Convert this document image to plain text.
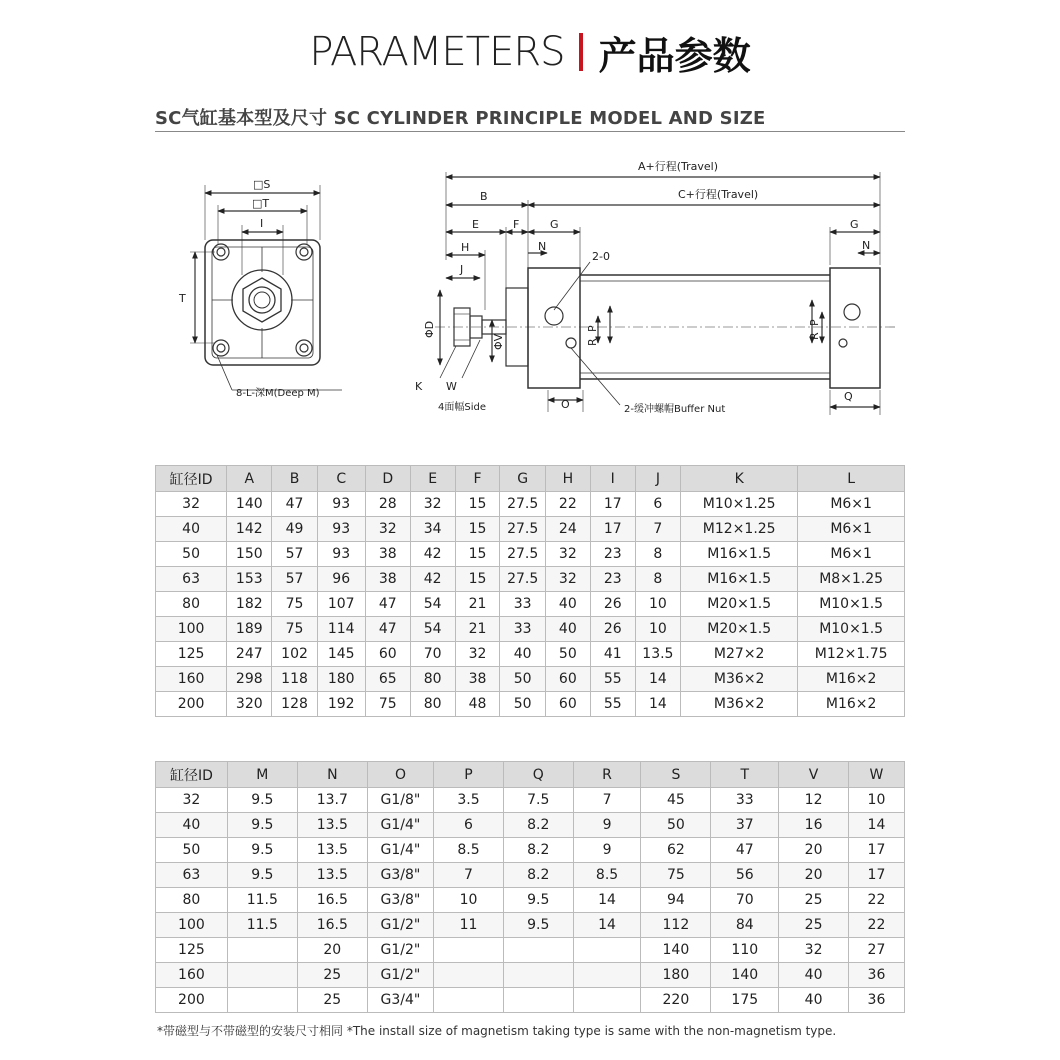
PARAMETERS 产品参数
SC气缸基本型及尺寸 SC CYLINDER PRINCIPLE MODEL AND SIZE
□S
□T
I
T
8-L-深M(Deep M)
A+行程(Travel)
C+行程(Travel)
B
E	F	G	G
H
J
N	N
2-0
ΦD
ΦV
P
R
P
R
K W
4面幅Side	O	2-缓冲螺帽Buffer Nut
Q
缸径ID	A	B	C	D	E	F	G	H	I	J	K	L
32	140	47	93	28	32	15	27.5	22	17	6	M10×1.25	M6×1
40	142	49	93	32	34	15	27.5	24	17	7	M12×1.25	M6×1
50	150	57	93	38	42	15	27.5	32	23	8	M16×1.5	M6×1
63	153	57	96	38	42	15	27.5	32	23	8	M16×1.5	M8×1.25
80	182	75	107	47	54	21	33	40	26	10	M20×1.5	M10×1.5
100	189	75	114	47	54	21	33	40	26	10	M20×1.5	M10×1.5
125	247	102	145	60	70	32	40	50	41	13.5	M27×2	M12×1.75
160	298	118	180	65	80	38	50	60	55	14	M36×2	M16×2
200	320	128	192	75	80	48	50	60	55	14	M36×2	M16×2
缸径ID	M	N	O	P	Q	R	S	T	V	W
32	9.5	13.7	G1/8"	3.5	7.5	7	45	33	12	10
40	9.5	13.5	G1/4"	6	8.2	9	50	37	16	14
50	9.5	13.5	G1/4"	8.5	8.2	9	62	47	20	17
63	9.5	13.5	G3/8"	7	8.2	8.5	75	56	20	17
80	11.5	16.5	G3/8"	10	9.5	14	94	70	25	22
100	11.5	16.5	G1/2"	11	9.5	14	112	84	25	22
125		20	G1/2"				140	110	32	27
160		25	G1/2"				180	140	40	36
200		25	G3/4"				220	175	40	36
*带磁型与不带磁型的安装尺寸相同 *The install size of magnetism taking type is same with the non-magnetism type.
